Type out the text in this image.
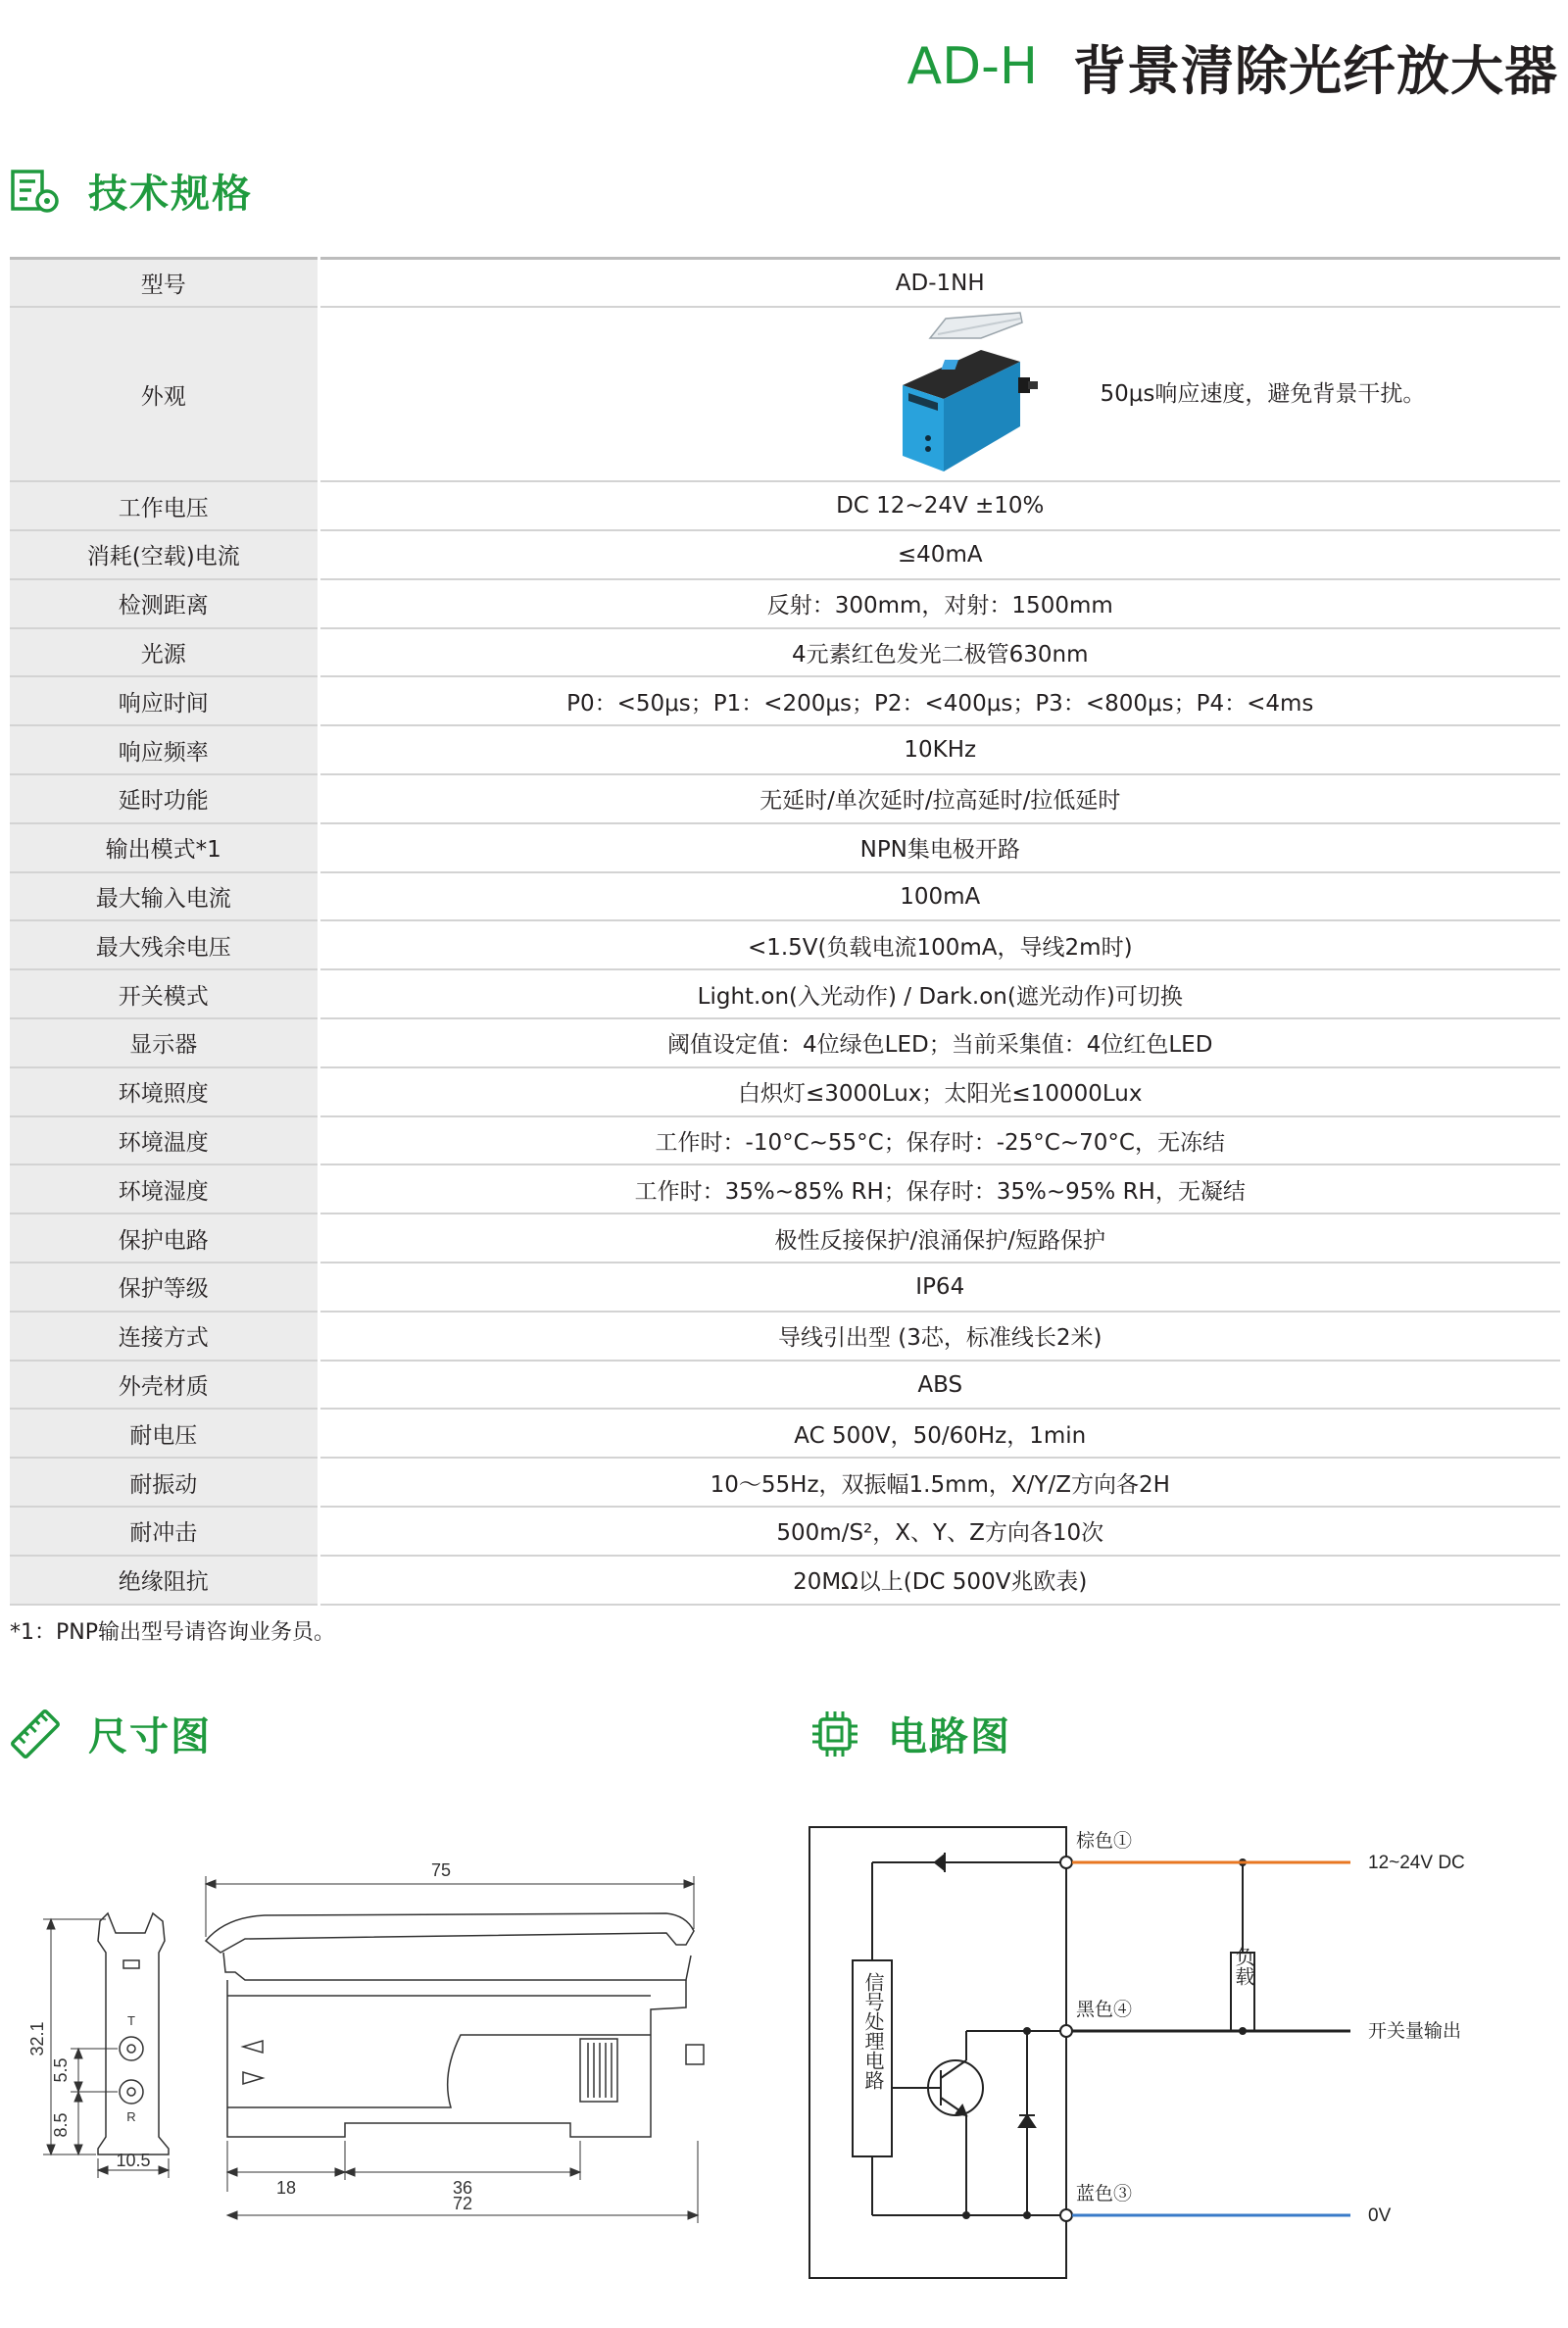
AD-H 背景清除光纤放大器
技术规格
型号	AD-1NH
外观	50μs响应速度，避免背景干扰。

工作电压	DC 12~24V ±10%
消耗(空载)电流	≤40mA
检测距离	反射：300mm，对射：1500mm
光源	4元素红色发光二极管630nm
响应时间	P0：<50μs；P1：<200μs；P2：<400μs；P3：<800μs；P4：<4ms
响应频率	10KHz
延时功能	无延时/单次延时/拉高延时/拉低延时
输出模式*1	NPN集电极开路
最大输入电流	100mA
最大残余电压	<1.5V(负载电流100mA，导线2m时)
开关模式	Light.on(入光动作) / Dark.on(遮光动作)可切换
显示器	阈值设定值：4位绿色LED；当前采集值：4位红色LED
环境照度	白炽灯≤3000Lux；太阳光≤10000Lux
环境温度	工作时：-10°C~55°C；保存时：-25°C~70°C，无冻结
环境湿度	工作时：35%~85% RH；保存时：35%~95% RH，无凝结
保护电路	极性反接保护/浪涌保护/短路保护
保护等级	IP64
连接方式	导线引出型 (3芯，标准线长2米)
外壳材质	ABS
耐电压	AC 500V，50/60Hz，1min
耐振动	10～55Hz，双振幅1.5mm，X/Y/Z方向各2H
耐冲击	500m/S²，X、Y、Z方向各10次
绝缘阻抗	20MΩ以上(DC 500V兆欧表)
*1：PNP输出型号请咨询业务员。
尺寸图	电路图
75
18	36
72
10.5
32.1
5.5
8.5
T
R
棕色①
黑色④
蓝色③
12~24V DC
开关量输出
0V
负载
信号处理电路
